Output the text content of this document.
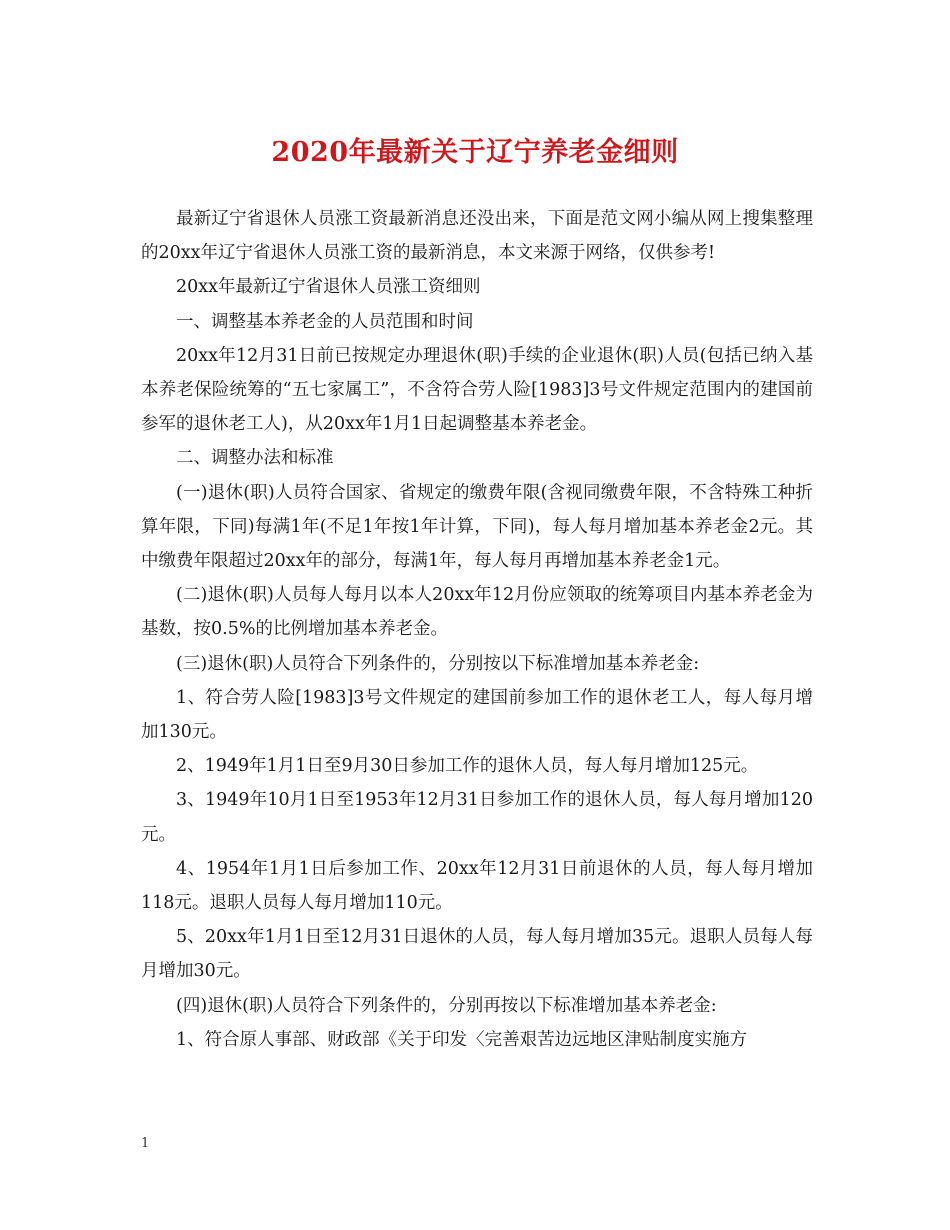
2020年最新关于辽宁养老金细则

最新辽宁省退休人员涨工资最新消息还没出来，下面是范文网小编从网上搜集整理的20xx年辽宁省退休人员涨工资的最新消息，本文来源于网络，仅供参考!

20xx年最新辽宁省退休人员涨工资细则

一、调整基本养老金的人员范围和时间

20xx年12月31日前已按规定办理退休(职)手续的企业退休(职)人员(包括已纳入基本养老保险统筹的“五七家属工”，不含符合劳人险[1983]3号文件规定范围内的建国前参军的退休老工人)，从20xx年1月1日起调整基本养老金。

二、调整办法和标准

(一)退休(职)人员符合国家、省规定的缴费年限(含视同缴费年限，不含特殊工种折算年限，下同)每满1年(不足1年按1年计算，下同)，每人每月增加基本养老金2元。其中缴费年限超过20xx年的部分，每满1年，每人每月再增加基本养老金1元。

(二)退休(职)人员每人每月以本人20xx年12月份应领取的统筹项目内基本养老金为基数，按0.5%的比例增加基本养老金。

(三)退休(职)人员符合下列条件的，分别按以下标准增加基本养老金:

1、符合劳人险[1983]3号文件规定的建国前参加工作的退休老工人，每人每月增加130元。

2、1949年1月1日至9月30日参加工作的退休人员，每人每月增加125元。

3、1949年10月1日至1953年12月31日参加工作的退休人员，每人每月增加120元。

4、1954年1月1日后参加工作、20xx年12月31日前退休的人员，每人每月增加118元。退职人员每人每月增加110元。

5、20xx年1月1日至12月31日退休的人员，每人每月增加35元。退职人员每人每月增加30元。

(四)退休(职)人员符合下列条件的，分别再按以下标准增加基本养老金:

1、符合原人事部、财政部《关于印发〈完善艰苦边远地区津贴制度实施方

1
